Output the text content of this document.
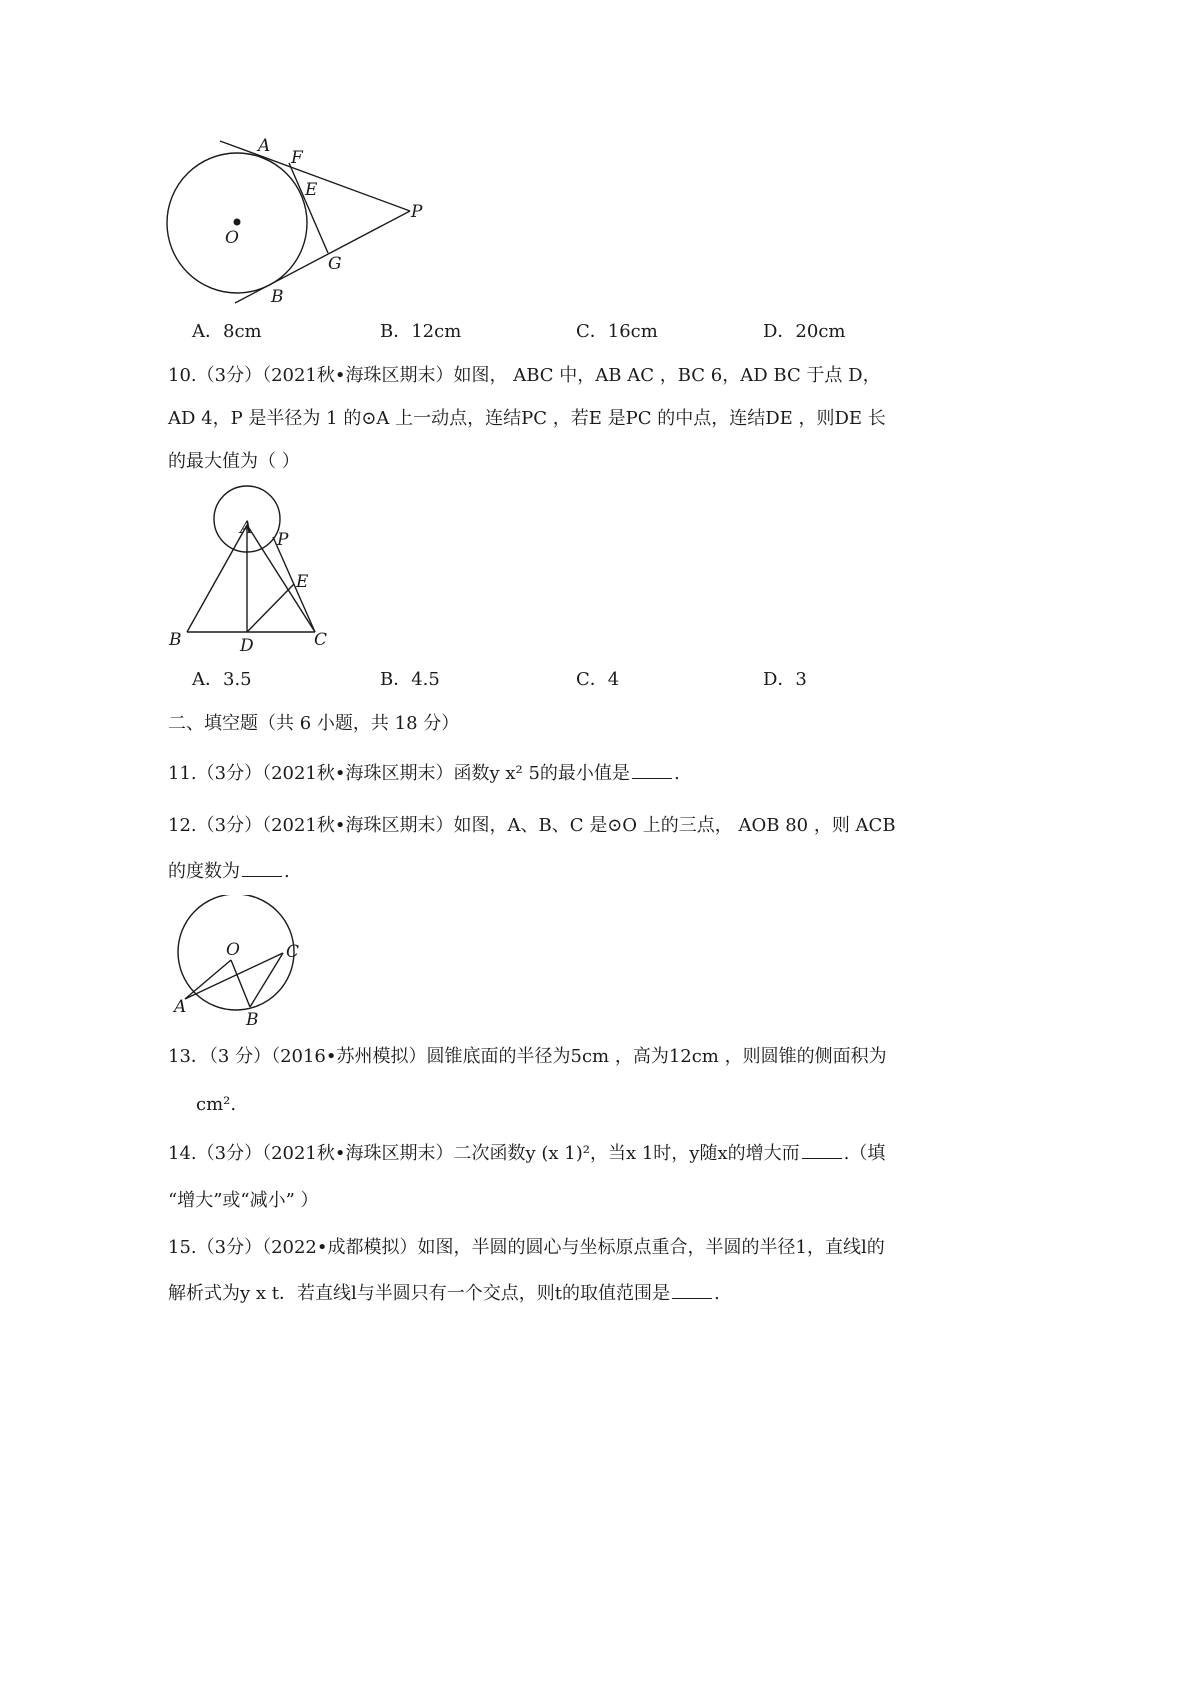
A
F
E
P
O
G
B
A．8cm	B．12cm	C．16cm	D．20cm
10.（3分）（2021秋•海珠区期末）如图， ABC 中，AB AC ，BC 6，AD BC 于点 D，
AD 4，P 是半径为 1 的⊙A 上一动点，连结PC ，若E 是PC 的中点，连结DE ，则DE 长
的最大值为（ ）
A
P
E
B	D	C
A．3.5	B．4.5	C．4	D．3
二、填空题（共 6 小题，共 18 分）
11.（3分）（2021秋•海珠区期末）函数y x² 5的最小值是 .
12.（3分）（2021秋•海珠区期末）如图，A、B、C 是⊙O 上的三点， AOB 80 ，则 ACB
的度数为 .
O	C
A
B
13．（3 分）（2016•苏州模拟）圆锥底面的半径为5cm ，高为12cm ，则圆锥的侧面积为
cm².
14.（3分）（2021秋•海珠区期末）二次函数y (x 1)²，当x 1时，y随x的增大而 .（填
“增大”或“减小” ）
15.（3分）（2022•成都模拟）如图，半圆的圆心与坐标原点重合，半圆的半径1，直线l的
解析式为y x t．若直线l与半圆只有一个交点，则t的取值范围是 .
